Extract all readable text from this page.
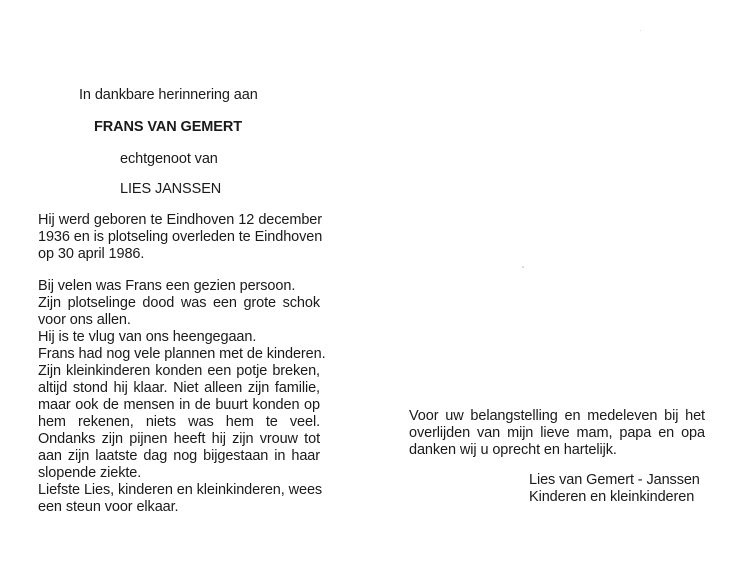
In dankbare herinnering aan
FRANS VAN GEMERT
echtgenoot van
LIES JANSSEN
Hij werd geboren te Eindhoven 12 december
1936 en is plotseling overleden te Eindhoven
op 30 april 1986.
Bij velen was Frans een gezien persoon.
Zijn plotselinge dood was een grote schok
voor ons allen.
Hij is te vlug van ons heengegaan.
Frans had nog vele plannen met de kinderen.
Zijn kleinkinderen konden een potje breken,
altijd stond hij klaar. Niet alleen zijn familie,
maar ook de mensen in de buurt konden op
hem rekenen, niets was hem te veel.
Ondanks zijn pijnen heeft hij zijn vrouw tot
aan zijn laatste dag nog bijgestaan in haar
slopende ziekte.
Liefste Lies, kinderen en kleinkinderen, wees
een steun voor elkaar.
Voor uw belangstelling en medeleven bij het
overlijden van mijn lieve mam, papa en opa
danken wij u oprecht en hartelijk.
Lies van Gemert - Janssen
Kinderen en kleinkinderen
